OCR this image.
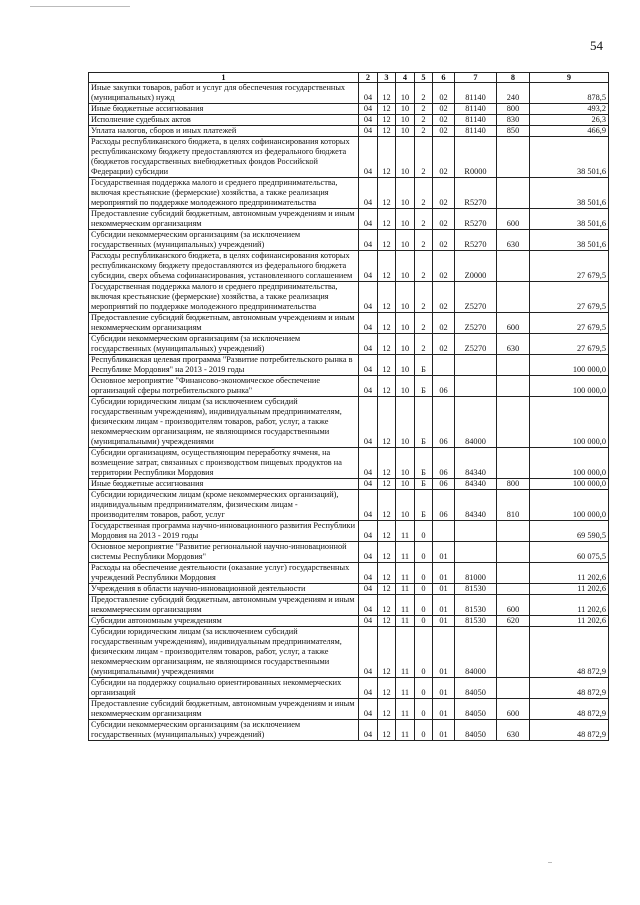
54
1	2	3	4	5	6	7	8	9
Иные закупки товаров, работ и услуг для обеспечения государственных (муниципальных) нужд	04	12	10	2	02	81140	240	878,5
Иные бюджетные ассигнования	04	12	10	2	02	81140	800	493,2
Исполнение судебных актов	04	12	10	2	02	81140	830	26,3
Уплата налогов, сборов и иных платежей	04	12	10	2	02	81140	850	466,9
Расходы республиканского бюджета, в целях софинансирования которых республиканскому бюджету предоставляются из федерального бюджета (бюджетов государственных внебюджетных фондов Российской Федерации) субсидии	04	12	10	2	02	R0000		38 501,6
Государственная поддержка малого и среднего предпринимательства, включая крестьянские (фермерские) хозяйства, а также реализация мероприятий по поддержке молодежного предпринимательства	04	12	10	2	02	R5270		38 501,6
Предоставление субсидий бюджетным, автономным учреждениям и иным некоммерческим организациям	04	12	10	2	02	R5270	600	38 501,6
Субсидии некоммерческим организациям (за исключением государственных (муниципальных) учреждений)	04	12	10	2	02	R5270	630	38 501,6
Расходы республиканского бюджета, в целях софинансирования которых республиканскому бюджету предоставляются из федерального бюджета субсидии, сверх объема софинансирования, установленного соглашением	04	12	10	2	02	Z0000		27 679,5
Государственная поддержка малого и среднего предпринимательства, включая крестьянские (фермерские) хозяйства, а также реализация мероприятий по поддержке молодежного предпринимательства	04	12	10	2	02	Z5270		27 679,5
Предоставление субсидий бюджетным, автономным учреждениям и иным некоммерческим организациям	04	12	10	2	02	Z5270	600	27 679,5
Субсидии некоммерческим организациям (за исключением государственных (муниципальных) учреждений)	04	12	10	2	02	Z5270	630	27 679,5
Республиканская целевая программа "Развитие потребительского рынка в Республике Мордовия" на 2013 - 2019 годы	04	12	10	Б				100 000,0
Основное мероприятие "Финансово-экономическое обеспечение организаций сферы потребительского рынка"	04	12	10	Б	06			100 000,0
Субсидии юридическим лицам (за исключением субсидий государственным учреждениям), индивидуальным предпринимателям, физическим лицам - производителям товаров, работ, услуг, а также некоммерческим организациям, не являющимся государственными (муниципальными) учреждениями	04	12	10	Б	06	84000		100 000,0
Субсидии организациям, осуществляющим переработку ячменя, на возмещение затрат, связанных с производством пищевых продуктов на территории Республики Мордовия	04	12	10	Б	06	84340		100 000,0
Иные бюджетные ассигнования	04	12	10	Б	06	84340	800	100 000,0
Субсидии юридическим лицам (кроме некоммерческих организаций), индивидуальным предпринимателям, физическим лицам - производителям товаров, работ, услуг	04	12	10	Б	06	84340	810	100 000,0
Государственная программа научно-инновационного развития Республики Мордовия на 2013 - 2019 годы	04	12	11	0				69 590,5
Основное мероприятие "Развитие региональной научно-инновационной системы Республики Мордовия"	04	12	11	0	01			60 075,5
Расходы на обеспечение деятельности (оказание услуг) государственных учреждений Республики Мордовия	04	12	11	0	01	81000		11 202,6
Учреждения в области научно-инновационной деятельности	04	12	11	0	01	81530		11 202,6
Предоставление субсидий бюджетным, автономным учреждениям и иным некоммерческим организациям	04	12	11	0	01	81530	600	11 202,6
Субсидии автономным учреждениям	04	12	11	0	01	81530	620	11 202,6
Субсидии юридическим лицам (за исключением субсидий государственным учреждениям), индивидуальным предпринимателям, физическим лицам - производителям товаров, работ, услуг, а также некоммерческим организациям, не являющимся государственными (муниципальными) учреждениями	04	12	11	0	01	84000		48 872,9
Субсидии на поддержку социально ориентированных некоммерческих организаций	04	12	11	0	01	84050		48 872,9
Предоставление субсидий бюджетным, автономным учреждениям и иным некоммерческим организациям	04	12	11	0	01	84050	600	48 872,9
Субсидии некоммерческим организациям (за исключением государственных (муниципальных) учреждений)	04	12	11	0	01	84050	630	48 872,9
